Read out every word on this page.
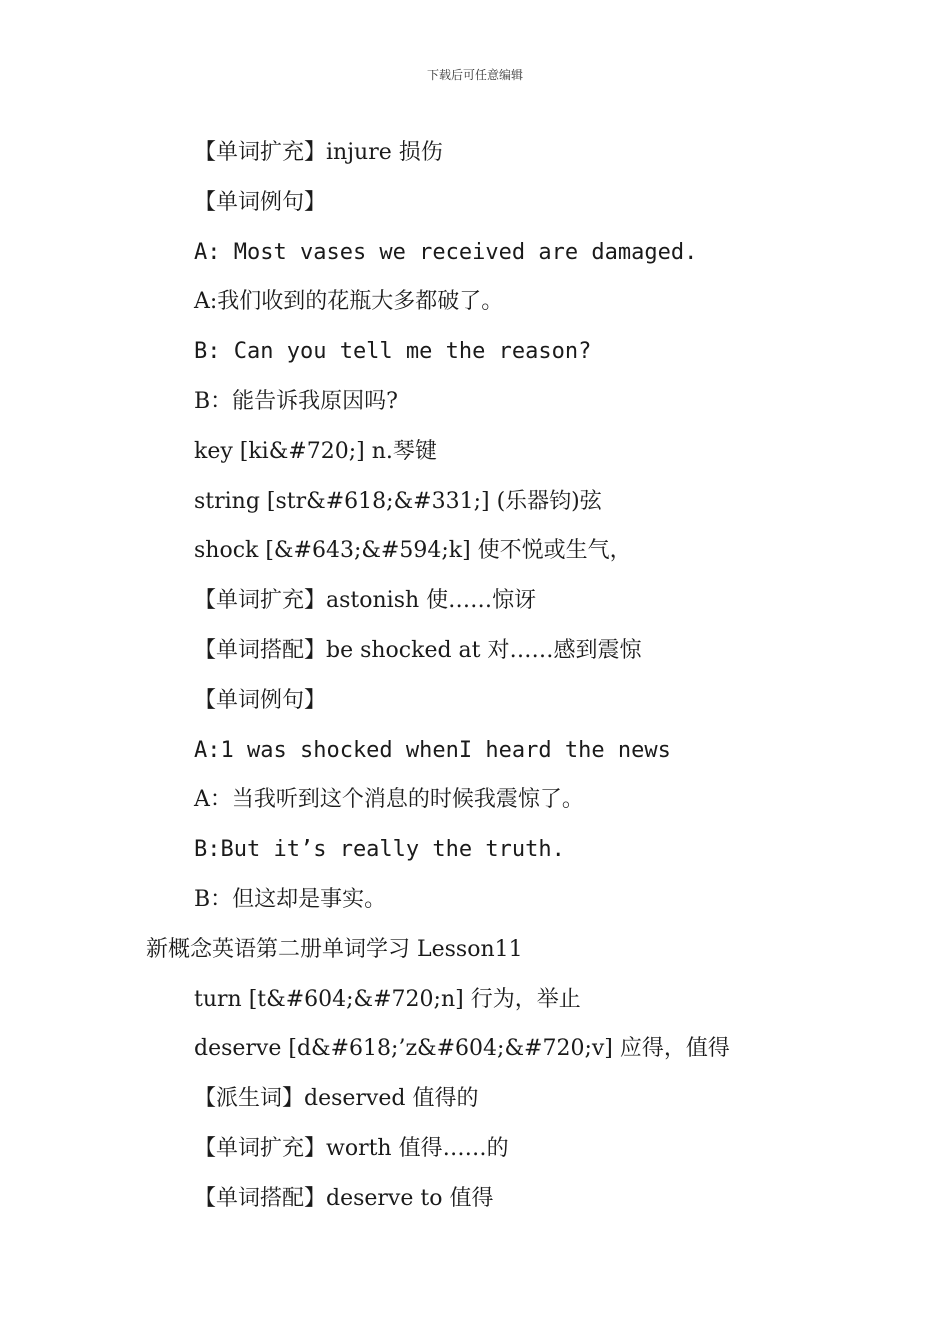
下载后可任意编辑
【单词扩充】injure 损伤
【单词例句】
A: Most vases we received are damaged.
A:我们收到的花瓶大多都破了。
B: Can you tell me the reason?
B：能告诉我原因吗?
key [ki&#720;] n.琴键
string [str&#618;&#331;] (乐器钧)弦
shock [&#643;&#594;k] 使不悦或生气，
【单词扩充】astonish 使……惊讶
【单词搭配】be shocked at 对……感到震惊
【单词例句】
A:1 was shocked whenI heard the news
A：当我听到这个消息的时候我震惊了。
B:But it’s really the truth.
B：但这却是事实。
新概念英语第二册单词学习 Lesson11
turn [t&#604;&#720;n] 行为，举止
deserve [d&#618;’z&#604;&#720;v] 应得，值得
【派生词】deserved 值得的
【单词扩充】worth 值得……的
【单词搭配】deserve to 值得
